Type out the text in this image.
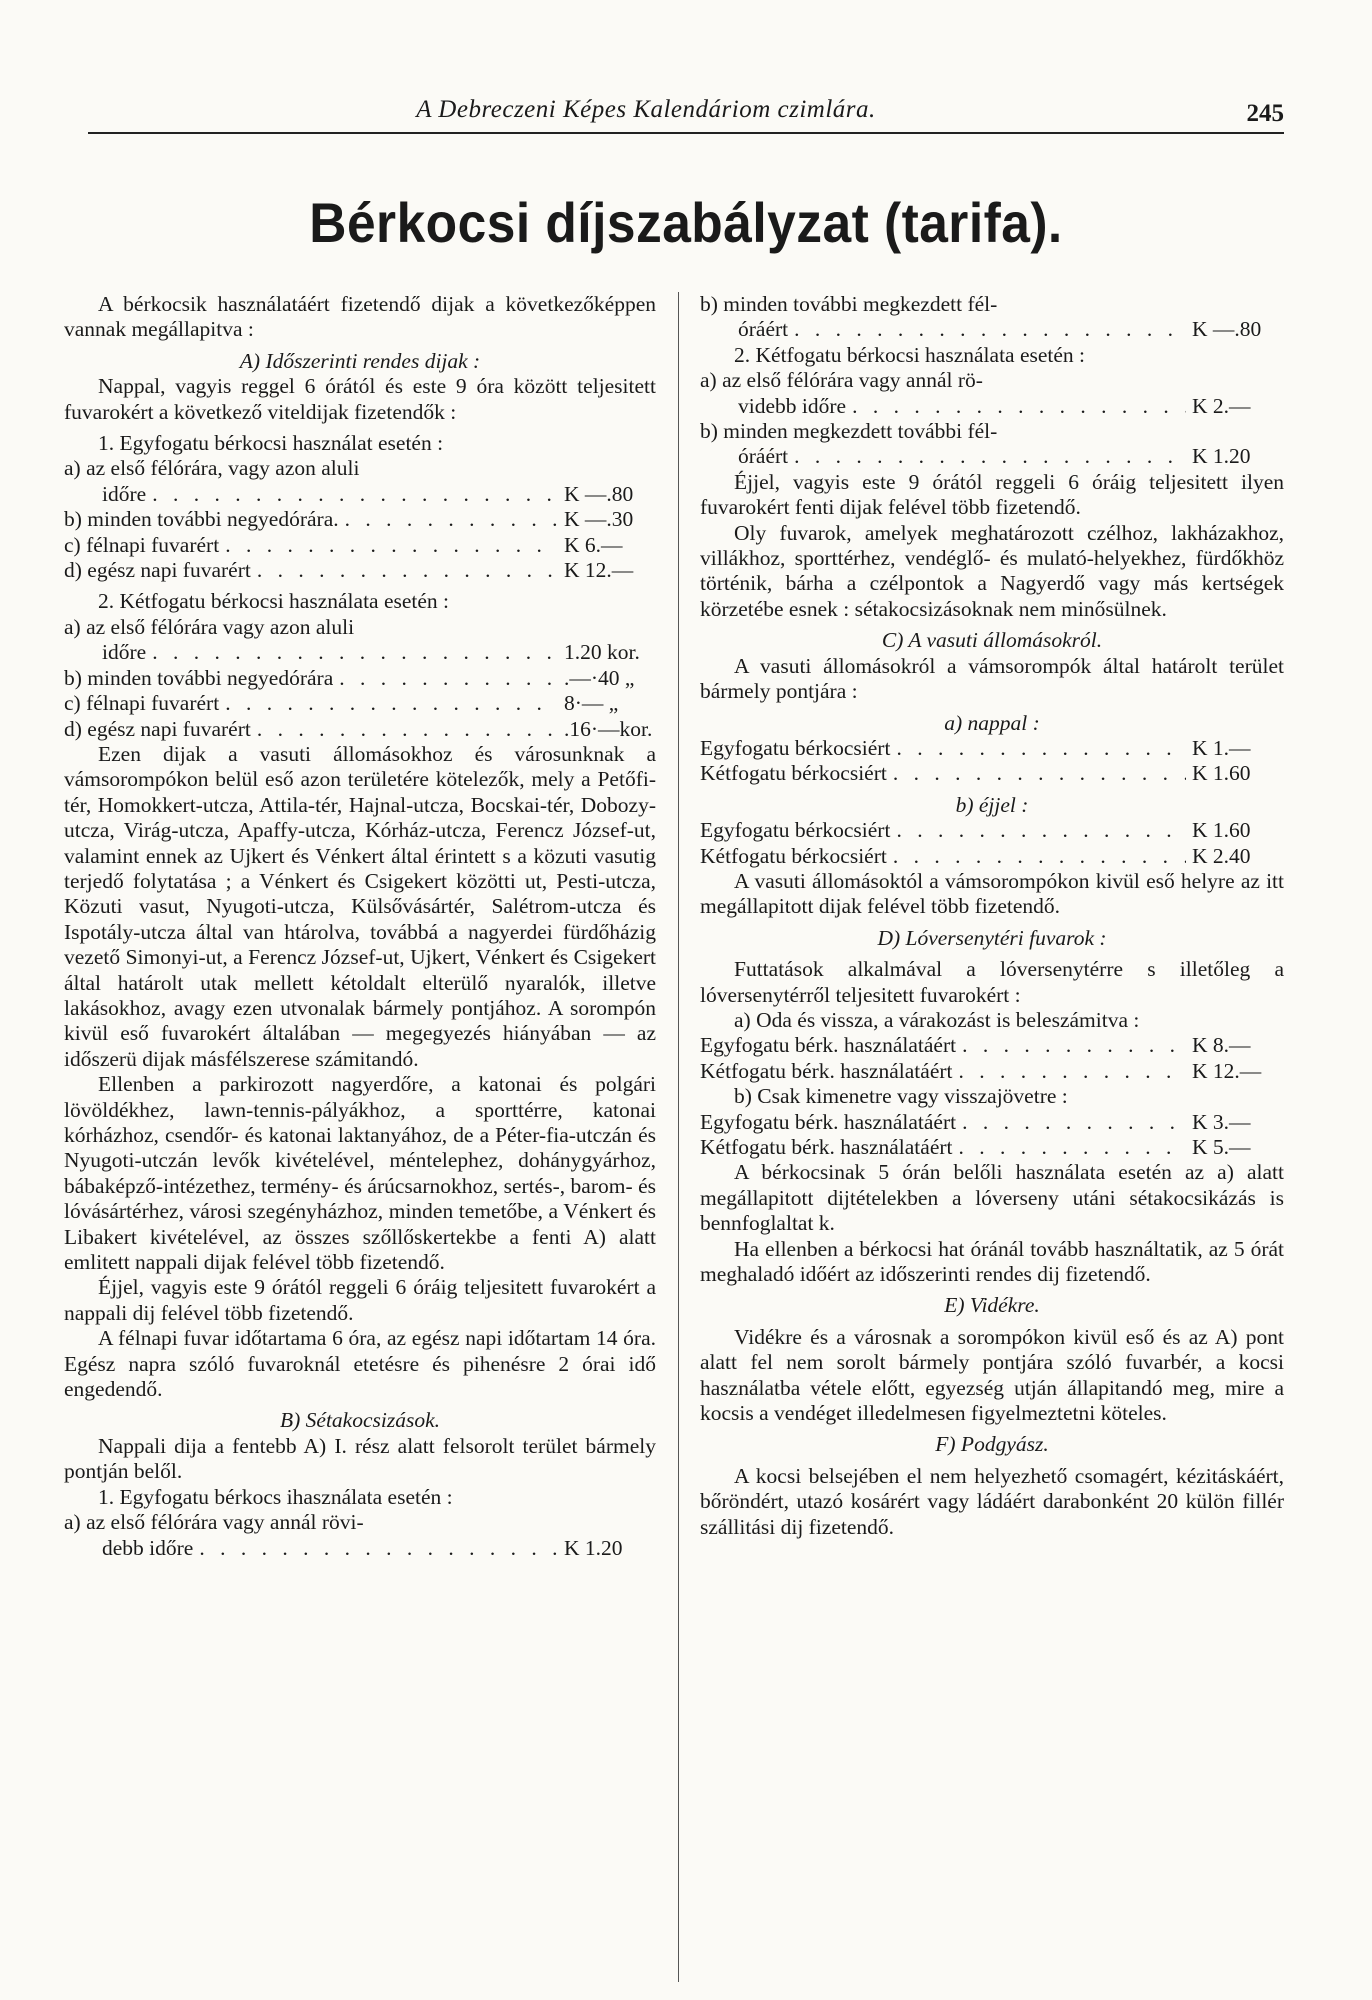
A Debreczeni Képes Kalendáriom czimlára.	245
Bérkocsi díjszabályzat (tarifa).

A bérkocsik használatáért fizetendő dijak a következőképpen vannak megállapitva :

A) Időszerinti rendes dijak :

Nappal, vagyis reggel 6 órától és este 9 óra között teljesitett fuvarokért a következő viteldijak fizetendők :

1. Egyfogatu bérkocsi használat esetén :

a) az első félórára, vagy azon aluli

időre . . .	K —.80
b) minden további negyedórára. . . .	K —.30
c) félnapi fuvarért . . .	K 6.—
d) egész napi fuvarért . . .	K 12.—

2. Kétfogatu bérkocsi használata esetén :

a) az első félórára vagy azon aluli

időre . . .	1.20 kor.
b) minden további negyedórára . . .	.—·40 „
c) félnapi fuvarért . . .	8·— „
d) egész napi fuvarért . . .	.16·—kor.

Ezen dijak a vasuti állomásokhoz és városunknak a vámsorompókon belül eső azon területére kötelezők, mely a Petőfi-tér, Homokkert-utcza, Attila-tér, Hajnal-utcza, Bocskai-tér, Dobozy-utcza, Virág-utcza, Apaffy-utcza, Kórház-utcza, Ferencz József-ut, valamint ennek az Ujkert és Vénkert által érintett s a közuti vasutig terjedő folytatása ; a Vénkert és Csigekert közötti ut, Pesti-utcza, Közuti vasut, Nyugoti-utcza, Külsővásártér, Salétrom-utcza és Ispotály-utcza által van htárolva, továbbá a nagyerdei fürdőházig vezető Simonyi-ut, a Ferencz József-ut, Ujkert, Vénkert és Csigekert által határolt utak mellett kétoldalt elterülő nyaralók, illetve lakásokhoz, avagy ezen utvonalak bármely pontjához. A sorompón kivül eső fuvarokért általában — megegyezés hiányában — az időszerü dijak másfélszerese számitandó.

Ellenben a parkirozott nagyerdőre, a katonai és polgári lövöldékhez, lawn-tennis-pályákhoz, a sporttérre, katonai kórházhoz, csendőr- és katonai laktanyához, de a Péter-fia-utczán és Nyugoti-utczán levők kivételével, méntelephez, dohánygyárhoz, bábaképző-intézethez, termény- és árúcsarnokhoz, sertés-, barom- és lóvásártérhez, városi szegényházhoz, minden temetőbe, a Vénkert és Libakert kivételével, az összes szőllőskertekbe a fenti A) alatt emlitett nappali dijak felével több fizetendő.

Éjjel, vagyis este 9 órától reggeli 6 óráig teljesitett fuvarokért a nappali dij felével több fizetendő.

A félnapi fuvar időtartama 6 óra, az egész napi időtartam 14 óra. Egész napra szóló fuvaroknál etetésre és pihenésre 2 órai idő engedendő.

B) Sétakocsizások.

Nappali dija a fentebb A) I. rész alatt felsorolt terület bármely pontján belől.

1. Egyfogatu bérkocs ihasználata esetén :

a) az első félórára vagy annál rövi-

debb időre . . .	K 1.20

b) minden további megkezdett fél-

óráért . . .	K —.80

2. Kétfogatu bérkocsi használata esetén :

a) az első félórára vagy annál rö-

videbb időre . . .	K 2.—

b) minden megkezdett további fél-

óráért . . .	K 1.20

Éjjel, vagyis este 9 órától reggeli 6 óráig teljesitett ilyen fuvarokért fenti dijak felével több fizetendő.

Oly fuvarok, amelyek meghatározott czélhoz, lakházakhoz, villákhoz, sporttérhez, vendéglő- és mulató-helyekhez, fürdőkhöz történik, bárha a czélpontok a Nagyerdő vagy más kertségek körzetébe esnek : sétakocsizásoknak nem minősülnek.

C) A vasuti állomásokról.

A vasuti állomásokról a vámsorompók által határolt terület bármely pontjára :

a) nappal :

Egyfogatu bérkocsiért . . .	K 1.—
Kétfogatu bérkocsiért . . .	K 1.60

b) éjjel :

Egyfogatu bérkocsiért . . .	K 1.60
Kétfogatu bérkocsiért . . .	K 2.40

A vasuti állomásoktól a vámsorompókon kivül eső helyre az itt megállapitott dijak felével több fizetendő.

D) Lóversenytéri fuvarok :

Futtatások alkalmával a lóversenytérre s illetőleg a lóversenytérről teljesitett fuvarokért :

a) Oda és vissza, a várakozást is beleszámitva :

Egyfogatu bérk. használatáért . . .	K 8.—
Kétfogatu bérk. használatáért . . .	K 12.—

b) Csak kimenetre vagy visszajövetre :

Egyfogatu bérk. használatáért . . .	K 3.—
Kétfogatu bérk. használatáért . . .	K 5.—

A bérkocsinak 5 órán belőli használata esetén az a) alatt megállapitott dijtételekben a lóverseny utáni sétakocsikázás is bennfoglaltat k.

Ha ellenben a bérkocsi hat óránál tovább használtatik, az 5 órát meghaladó időért az időszerinti rendes dij fizetendő.

E) Vidékre.

Vidékre és a városnak a sorompókon kivül eső és az A) pont alatt fel nem sorolt bármely pontjára szóló fuvarbér, a kocsi használatba vétele előtt, egyezség utján állapitandó meg, mire a kocsis a vendéget illedelmesen figyelmeztetni köteles.

F) Podgyász.

A kocsi belsejében el nem helyezhető csomagért, kézitáskáért, bőröndért, utazó kosárért vagy ládáért darabonként 20 külön fillér szállitási dij fizetendő.
